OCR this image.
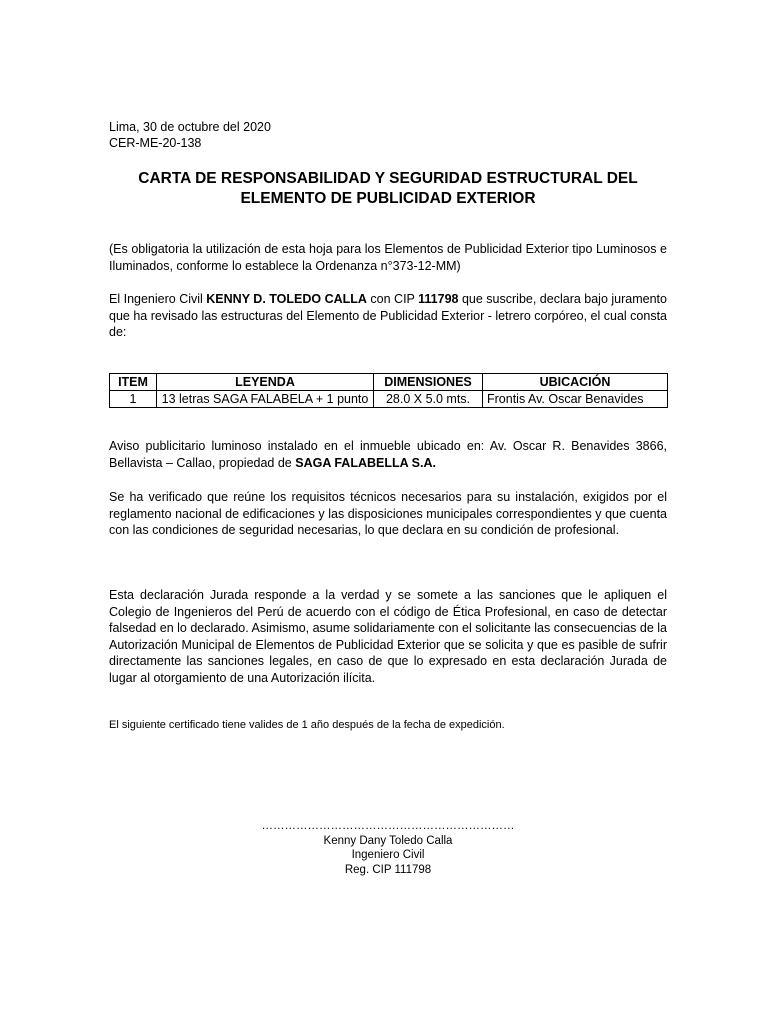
Lima, 30 de octubre del 2020
CER-ME-20-138
CARTA DE RESPONSABILIDAD Y SEGURIDAD ESTRUCTURAL DEL
ELEMENTO DE PUBLICIDAD EXTERIOR
(Es obligatoria la utilización de esta hoja para los Elementos de Publicidad Exterior tipo Luminosos e Iluminados, conforme lo establece la Ordenanza n°373-12-MM)
El Ingeniero Civil KENNY D. TOLEDO CALLA con CIP 111798 que suscribe, declara bajo juramento que ha revisado las estructuras del Elemento de Publicidad Exterior - letrero corpóreo, el cual consta de:
ITEM	LEYENDA	DIMENSIONES	UBICACIÓN
1	13 letras SAGA FALABELA + 1 punto	28.0 X 5.0 mts.	Frontis Av. Oscar Benavides
Aviso publicitario luminoso instalado en el inmueble ubicado en: Av. Oscar R. Benavides 3866, Bellavista – Callao, propiedad de SAGA FALABELLA S.A.
Se ha verificado que reúne los requisitos técnicos necesarios para su instalación, exigidos por el reglamento nacional de edificaciones y las disposiciones municipales correspondientes y que cuenta con las condiciones de seguridad necesarias, lo que declara en su condición de profesional.
Esta declaración Jurada responde a la verdad y se somete a las sanciones que le apliquen el Colegio de Ingenieros del Perú de acuerdo con el código de Ética Profesional, en caso de detectar falsedad en lo declarado. Asimismo, asume solidariamente con el solicitante las consecuencias de la Autorización Municipal de Elementos de Publicidad Exterior que se solicita y que es pasible de sufrir directamente las sanciones legales, en caso de que lo expresado en esta declaración Jurada de lugar al otorgamiento de una Autorización ilícita.
El siguiente certificado tiene valides de 1 año después de la fecha de expedición.
…………………………………………………………
Kenny Dany Toledo Calla
Ingeniero Civil
Reg. CIP 111798
